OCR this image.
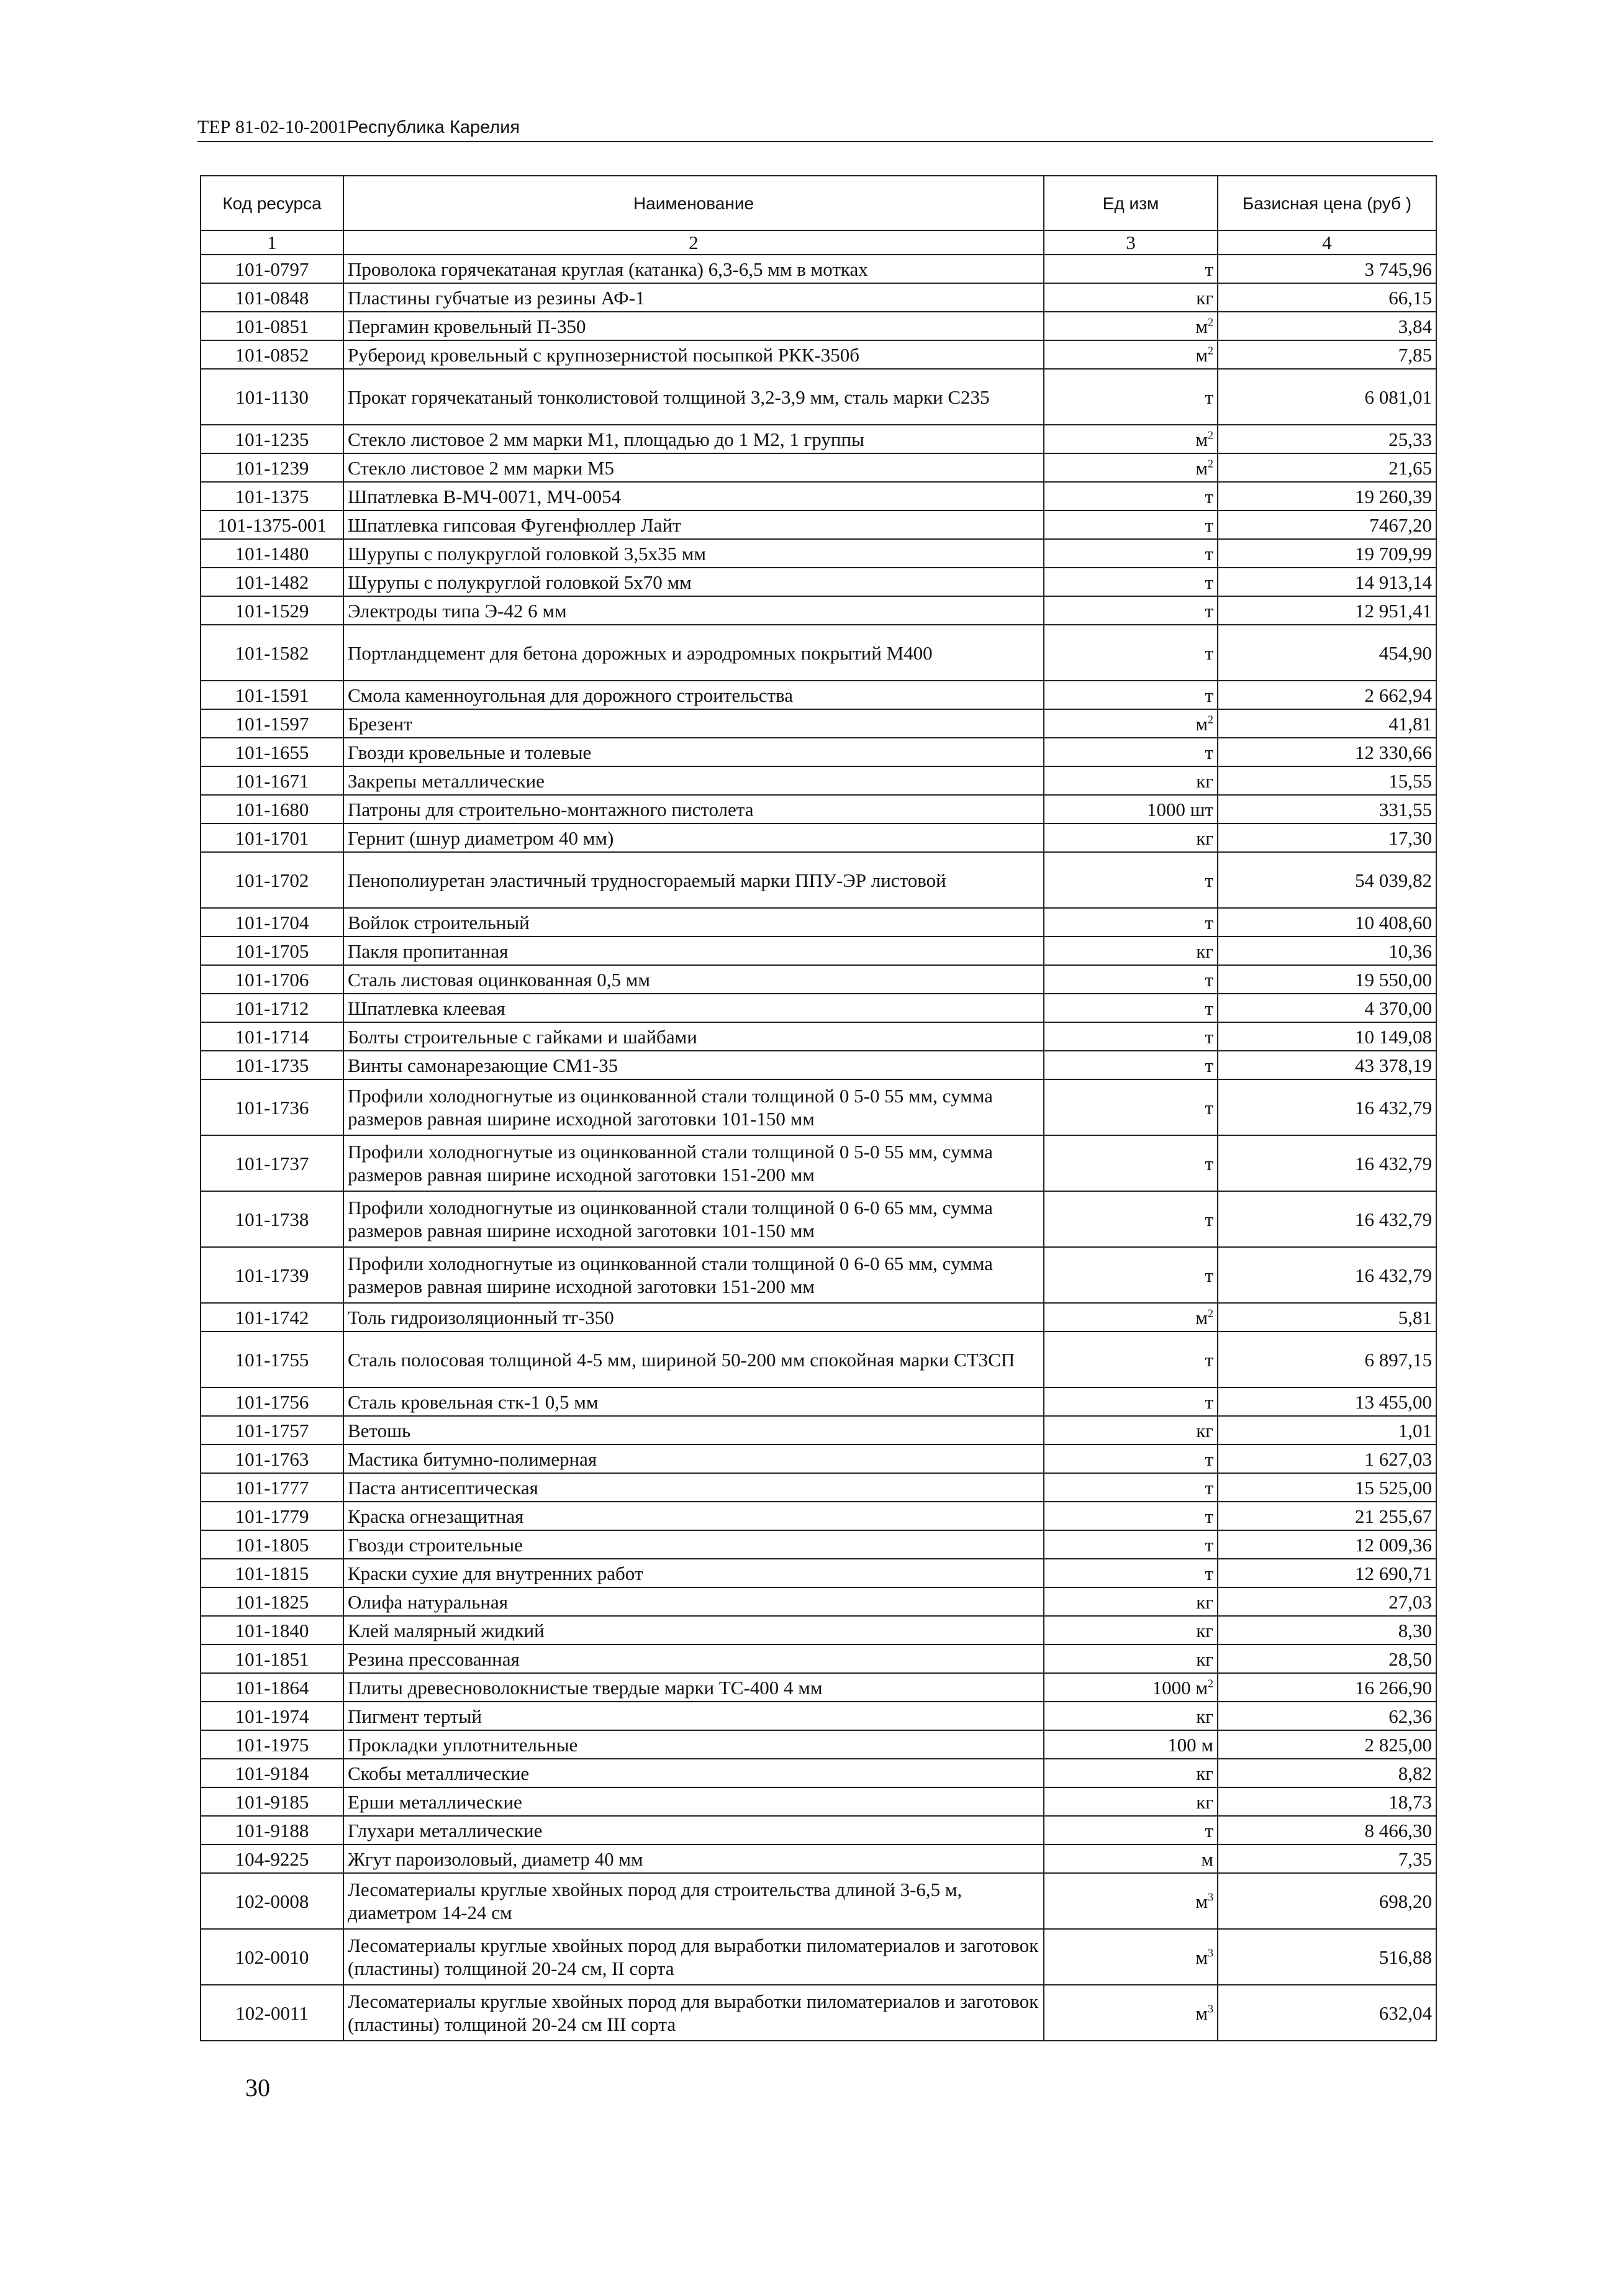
ТЕР 81-02-10-2001Республика Карелия
Код ресурса	Наименование	Ед изм	Базисная цена (руб )
1	2	3	4
101-0797	Проволока горячекатаная круглая (катанка) 6,3-6,5 мм в мотках	т	3 745,96
101-0848	Пластины губчатые из резины АФ-1	кг	66,15
101-0851	Пергамин кровельный П-350	$м^2$	3,84
101-0852	Рубероид кровельный с крупнозернистой посыпкой РКК-350б	$м^2$	7,85
101-1130	Прокат горячекатаный тонколистовой толщиной 3,2-3,9 мм, сталь марки С235	т	6 081,01
101-1235	Стекло листовое 2 мм марки М1, площадью до 1 М2, 1 группы	$м^2$	25,33
101-1239	Стекло листовое 2 мм марки М5	$м^2$	21,65
101-1375	Шпатлевка В-МЧ-0071, МЧ-0054	т	19 260,39
101-1375-001	Шпатлевка гипсовая Фугенфюллер Лайт	т	7467,20
101-1480	Шурупы с полукруглой головкой 3,5х35 мм	т	19 709,99
101-1482	Шурупы с полукруглой головкой 5х70 мм	т	14 913,14
101-1529	Электроды типа Э-42 6 мм	т	12 951,41
101-1582	Портландцемент для бетона дорожных и аэродромных покрытий М400	т	454,90
101-1591	Смола каменноугольная для дорожного строительства	т	2 662,94
101-1597	Брезент	$м^2$	41,81
101-1655	Гвозди кровельные и толевые	т	12 330,66
101-1671	Закрепы металлические	кг	15,55
101-1680	Патроны для строительно-монтажного пистолета	1000 шт	331,55
101-1701	Гернит (шнур диаметром 40 мм)	кг	17,30
101-1702	Пенополиуретан эластичный трудносгораемый марки ППУ-ЭР листовой	т	54 039,82
101-1704	Войлок строительный	т	10 408,60
101-1705	Пакля пропитанная	кг	10,36
101-1706	Сталь листовая оцинкованная 0,5 мм	т	19 550,00
101-1712	Шпатлевка клеевая	т	4 370,00
101-1714	Болты строительные с гайками и шайбами	т	10 149,08
101-1735	Винты самонарезающие СМ1-35	т	43 378,19
101-1736	Профили холодногнутые из оцинкованной стали толщиной 0 5-0 55 мм, сумма размеров равная ширине исходной заготовки 101-150 мм	т	16 432,79
101-1737	Профили холодногнутые из оцинкованной стали толщиной 0 5-0 55 мм, сумма размеров равная ширине исходной заготовки 151-200 мм	т	16 432,79
101-1738	Профили холодногнутые из оцинкованной стали толщиной 0 6-0 65 мм, сумма размеров равная ширине исходной заготовки 101-150 мм	т	16 432,79
101-1739	Профили холодногнутые из оцинкованной стали толщиной 0 6-0 65 мм, сумма размеров равная ширине исходной заготовки 151-200 мм	т	16 432,79
101-1742	Толь гидроизоляционный тг-350	$м^2$	5,81
101-1755	Сталь полосовая толщиной 4-5 мм, шириной 50-200 мм спокойная марки СТ3СП	т	6 897,15
101-1756	Сталь кровельная стк-1 0,5 мм	т	13 455,00
101-1757	Ветошь	кг	1,01
101-1763	Мастика битумно-полимерная	т	1 627,03
101-1777	Паста антисептическая	т	15 525,00
101-1779	Краска огнезащитная	т	21 255,67
101-1805	Гвозди строительные	т	12 009,36
101-1815	Краски сухие для внутренних работ	т	12 690,71
101-1825	Олифа натуральная	кг	27,03
101-1840	Клей малярный жидкий	кг	8,30
101-1851	Резина прессованная	кг	28,50
101-1864	Плиты древесноволокнистые твердые марки ТС-400 4 мм	1000 $м^2$	16 266,90
101-1974	Пигмент тертый	кг	62,36
101-1975	Прокладки уплотнительные	100 м	2 825,00
101-9184	Скобы металлические	кг	8,82
101-9185	Ерши металлические	кг	18,73
101-9188	Глухари металлические	т	8 466,30
104-9225	Жгут пароизоловый, диаметр 40 мм	м	7,35
102-0008	Лесоматериалы круглые хвойных пород для строительства длиной 3-6,5 м, диаметром 14-24 см	$м^3$	698,20
102-0010	Лесоматериалы круглые хвойных пород для выработки пиломатериалов и заготовок (пластины) толщиной 20-24 см, II сорта	$м^3$	516,88
102-0011	Лесоматериалы круглые хвойных пород для выработки пиломатериалов и заготовок (пластины) толщиной 20-24 см III сорта	$м^3$	632,04
30
